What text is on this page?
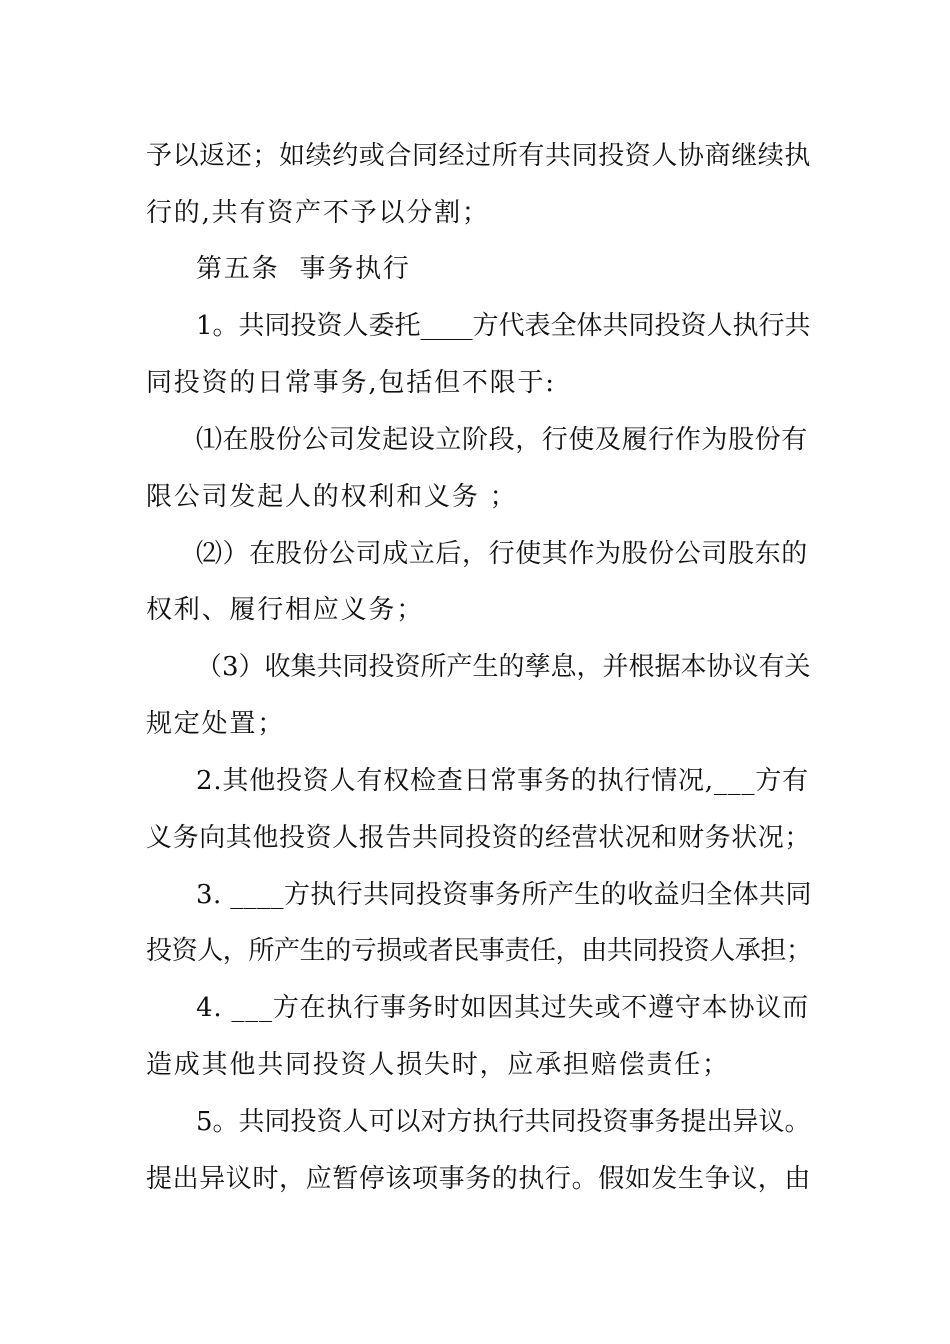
予以返还；如续约或合同经过所有共同投资人协商继续执
行的,共有资产不予以分割；
第五条  事务执行
1。共同投资人委托____方代表全体共同投资人执行共
同投资的日常事务,包括但不限于:
⑴在股份公司发起设立阶段，行使及履行作为股份有
限公司发起人的权利和义务 ；
⑵）在股份公司成立后，行使其作为股份公司股东的
权利、履行相应义务；
（3）收集共同投资所产生的孳息，并根据本协议有关
规定处置；
2.其他投资人有权检查日常事务的执行情况,___方有
义务向其他投资人报告共同投资的经营状况和财务状况；
3. ____方执行共同投资事务所产生的收益归全体共同
投资人，所产生的亏损或者民事责任，由共同投资人承担；
4. ___方在执行事务时如因其过失或不遵守本协议而
造成其他共同投资人损失时，应承担赔偿责任；
5。共同投资人可以对方执行共同投资事务提出异议。
提出异议时，应暂停该项事务的执行。假如发生争议，由
